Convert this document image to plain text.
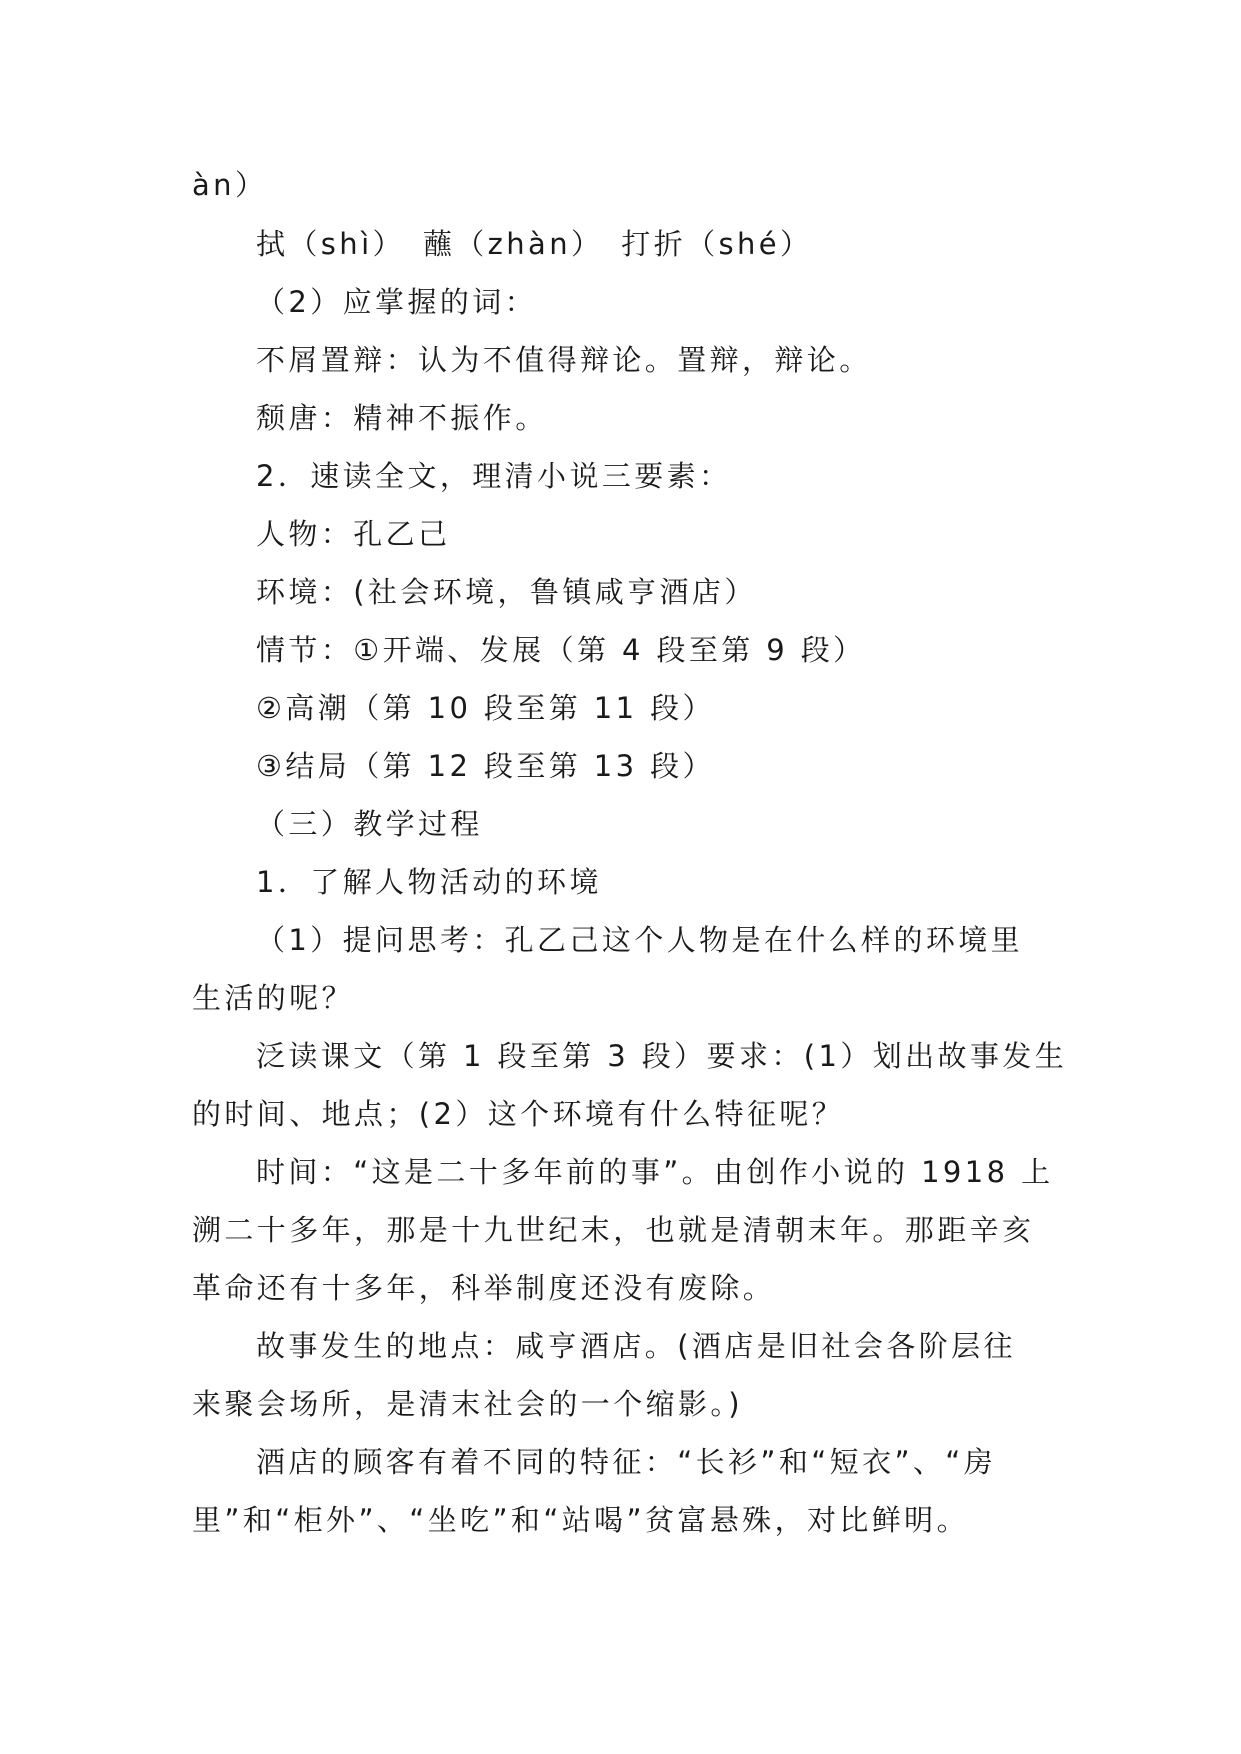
àn）
拭（shì）　蘸（zhàn）　打折（shé）
（2）应掌握的词：
不屑置辩：认为不值得辩论。置辩，辩论。
颓唐：精神不振作。
2．速读全文，理清小说三要素：
人物：孔乙己
环境：(社会环境，鲁镇咸亨酒店）
情节：①开端、发展（第 4 段至第 9 段）
②高潮（第 10 段至第 11 段）
③结局（第 12 段至第 13 段）
（三）教学过程
1．了解人物活动的环境
（1）提问思考：孔乙己这个人物是在什么样的环境里
生活的呢？
泛读课文（第 1 段至第 3 段）要求：(1）划出故事发生
的时间、地点；(2）这个环境有什么特征呢？
时间：“这是二十多年前的事”。由创作小说的 1918 上
溯二十多年，那是十九世纪末，也就是清朝末年。那距辛亥
革命还有十多年，科举制度还没有废除。
故事发生的地点：咸亨酒店。(酒店是旧社会各阶层往
来聚会场所，是清末社会的一个缩影。)
酒店的顾客有着不同的特征：“长衫”和“短衣”、“房
里”和“柜外”、“坐吃”和“站喝”贫富悬殊，对比鲜明。
